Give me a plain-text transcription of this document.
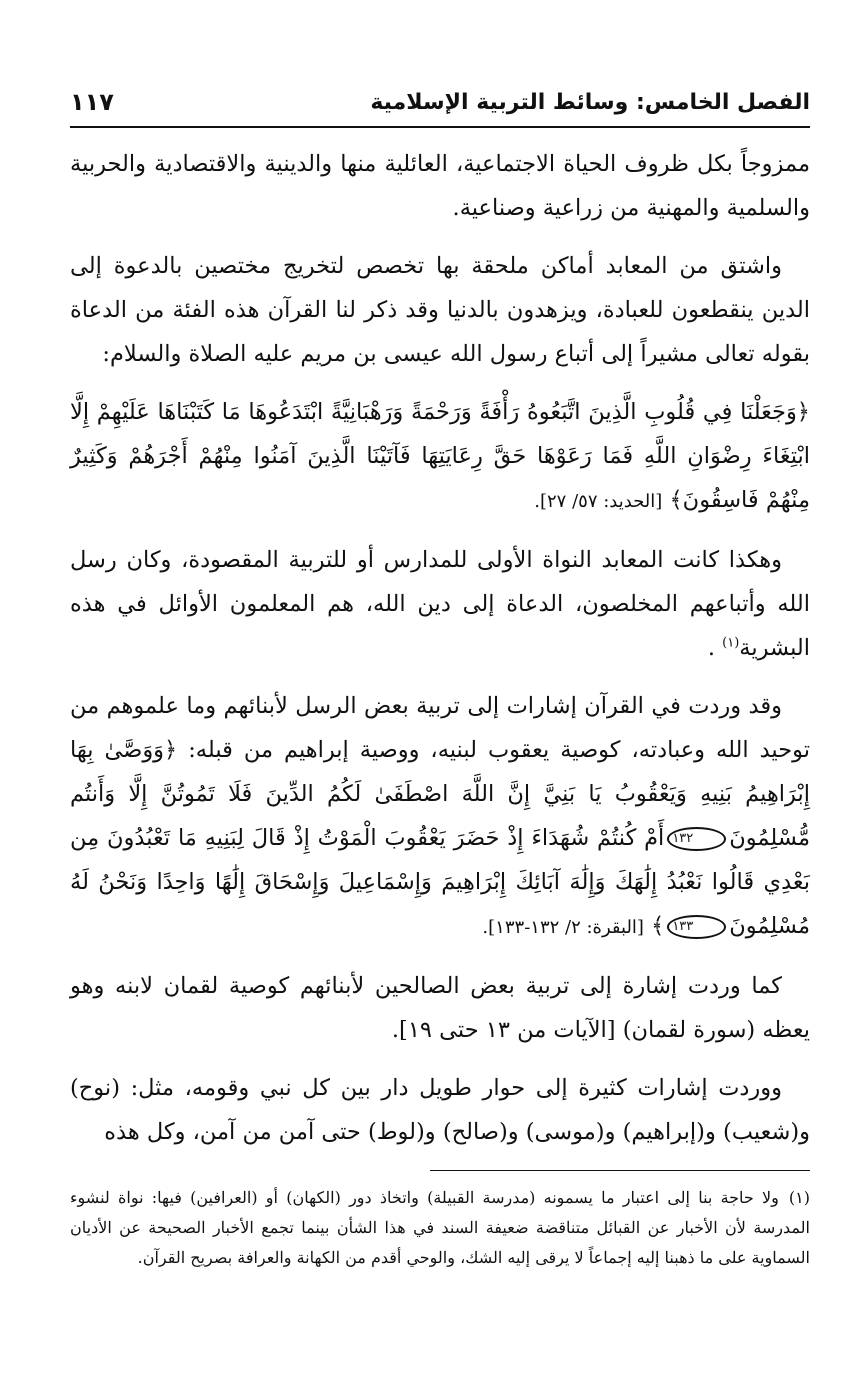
الفصل الخامس: وسائط التربية الإسلامية
١١٧

ممزوجاً بكل ظروف الحياة الاجتماعية، العائلية منها والدينية والاقتصادية والحربية والسلمية والمهنية من زراعية وصناعية.

واشتق من المعابد أماكن ملحقة بها تخصص لتخريج مختصين بالدعوة إلى الدين ينقطعون للعبادة، ويزهدون بالدنيا وقد ذكر لنا القرآن هذه الفئة من الدعاة بقوله تعالى مشيراً إلى أتباع رسول الله عيسى بن مريم عليه الصلاة والسلام:

﴿وَجَعَلْنَا فِي قُلُوبِ الَّذِينَ اتَّبَعُوهُ رَأْفَةً وَرَحْمَةً وَرَهْبَانِيَّةً ابْتَدَعُوهَا مَا كَتَبْنَاهَا عَلَيْهِمْ إِلَّا ابْتِغَاءَ رِضْوَانِ اللَّهِ فَمَا رَعَوْهَا حَقَّ رِعَايَتِهَا فَآتَيْنَا الَّذِينَ آمَنُوا مِنْهُمْ أَجْرَهُمْ وَكَثِيرٌ مِنْهُمْ فَاسِقُونَ﴾ [الحديد: ٥٧/ ٢٧].

وهكذا كانت المعابد النواة الأولى للمدارس أو للتربية المقصودة، وكان رسل الله وأتباعهم المخلصون، الدعاة إلى دين الله، هم المعلمون الأوائل في هذه البشرية$^{(١)}$ .

وقد وردت في القرآن إشارات إلى تربية بعض الرسل لأبنائهم وما علموهم من توحيد الله وعبادته، كوصية يعقوب لبنيه، ووصية إبراهيم من قبله: ﴿وَوَصَّىٰ بِهَا إِبْرَاهِيمُ بَنِيهِ وَيَعْقُوبُ يَا بَنِيَّ إِنَّ اللَّهَ اصْطَفَىٰ لَكُمُ الدِّينَ فَلَا تَمُوتُنَّ إِلَّا وَأَنتُم مُّسْلِمُونَ١٣٢أَمْ كُنتُمْ شُهَدَاءَ إِذْ حَضَرَ يَعْقُوبَ الْمَوْتُ إِذْ قَالَ لِبَنِيهِ مَا تَعْبُدُونَ مِن بَعْدِي قَالُوا نَعْبُدُ إِلَٰهَكَ وَإِلَٰهَ آبَائِكَ إِبْرَاهِيمَ وَإِسْمَاعِيلَ وَإِسْحَاقَ إِلَٰهًا وَاحِدًا وَنَحْنُ لَهُ مُسْلِمُونَ١٣٣﴾ [البقرة: ٢/ ١٣٢-١٣٣].

كما وردت إشارة إلى تربية بعض الصالحين لأبنائهم كوصية لقمان لابنه وهو يعظه (سورة لقمان) [الآيات من ١٣ حتى ١٩].

ووردت إشارات كثيرة إلى حوار طويل دار بين كل نبي وقومه، مثل: (نوح) و(شعيب) و(إبراهيم) و(موسى) و(صالح) و(لوط) حتى آمن من آمن، وكل هذه

(١)ولا حاجة بنا إلى اعتبار ما يسمونه (مدرسة القبيلة) واتخاذ دور (الكهان) أو (العرافين) فيها: نواة لنشوء المدرسة لأن الأخبار عن القبائل متناقضة ضعيفة السند في هذا الشأن بينما تجمع الأخبار الصحيحة عن الأديان السماوية على ما ذهبنا إليه إجماعاً لا يرقى إليه الشك، والوحي أقدم من الكهانة والعرافة بصريح القرآن.
